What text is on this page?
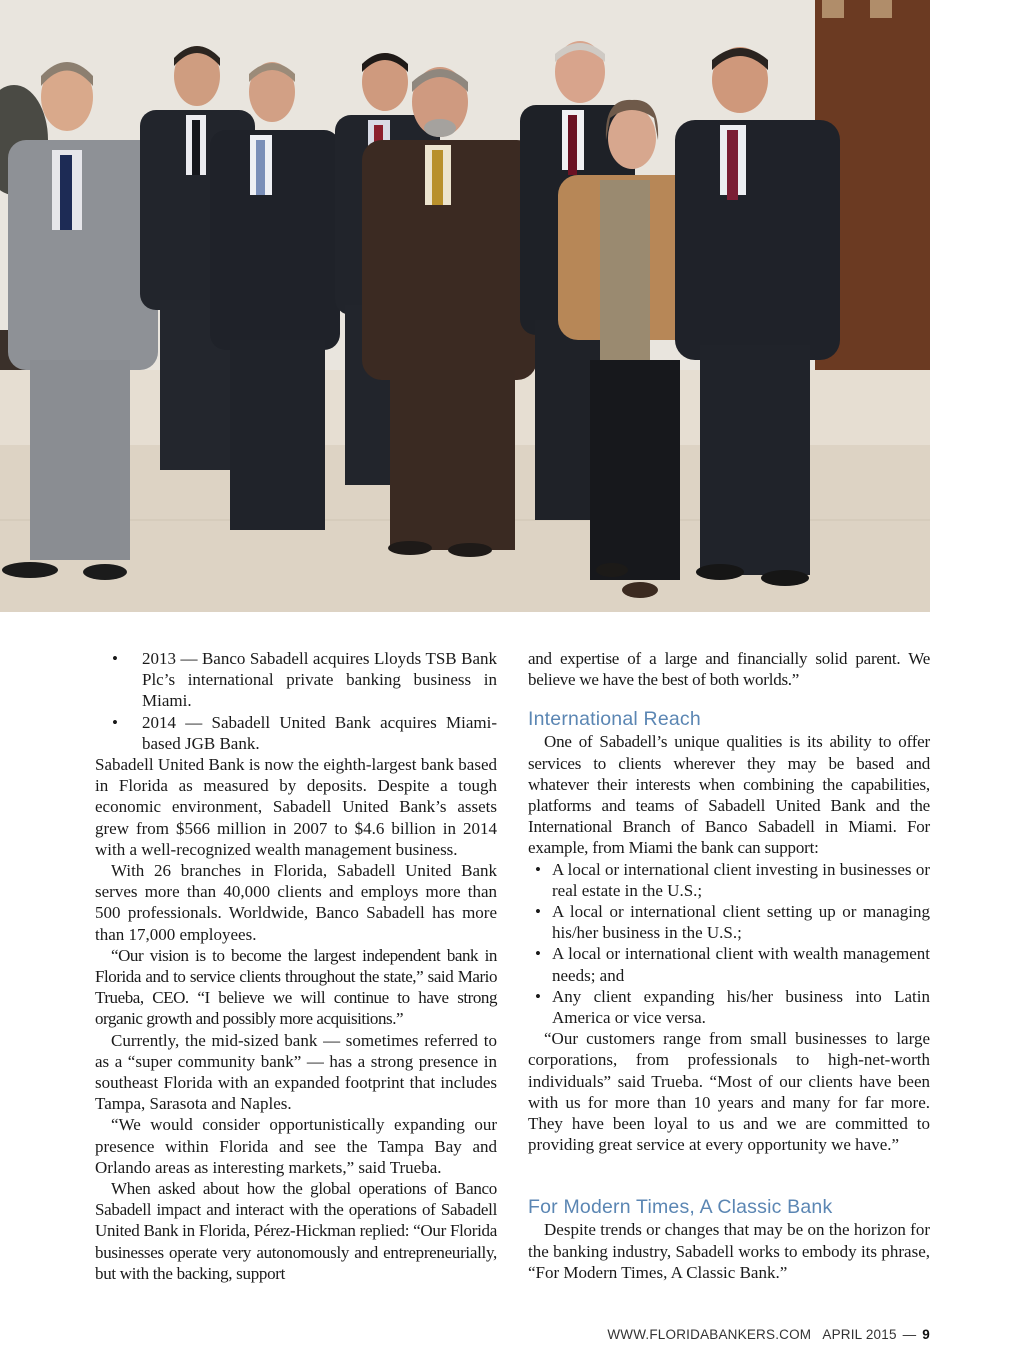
• 2013 — Banco Sabadell acquires Lloyds TSB Bank Plc’s international private banking business in Miami.
• 2014 — Sabadell United Bank acquires Miami-based JGB Bank.

Sabadell United Bank is now the eighth-largest bank based in Florida as measured by deposits. Despite a tough economic environment, Sabadell United Bank’s assets grew from $566 million in 2007 to $4.6 billion in 2014 with a well-recognized wealth management business.

With 26 branches in Florida, Sabadell United Bank serves more than 40,000 clients and employs more than 500 professionals. Worldwide, Banco Sabadell has more than 17,000 employees.

“Our vision is to become the largest independent bank in Florida and to service clients throughout the state,” said Mario Trueba, CEO. “I believe we will continue to have strong organic growth and possibly more acquisitions.”

Currently, the mid-sized bank — sometimes referred to as a “super community bank” — has a strong presence in southeast Florida with an expanded footprint that includes Tampa, Sarasota and Naples.

“We would consider opportunistically expanding our presence within Florida and see the Tampa Bay and Orlando areas as interesting markets,” said Trueba.

When asked about how the global operations of Banco Sabadell impact and interact with the operations of Sabadell United Bank in Florida, Pérez-Hickman replied: “Our Florida businesses operate very autonomously and entrepreneurially, but with the backing, support

and expertise of a large and financially solid parent. We believe we have the best of both worlds.”

International Reach

One of Sabadell’s unique qualities is its ability to offer services to clients wherever they may be based and whatever their interests when combining the capabilities, platforms and teams of Sabadell United Bank and the International Branch of Banco Sabadell in Miami. For example, from Miami the bank can support:

• A local or international client investing in businesses or real estate in the U.S.;
• A local or international client setting up or managing his/her business in the U.S.;
• A local or international client with wealth management needs; and
• Any client expanding his/her business into Latin America or vice versa.

“Our customers range from small businesses to large corporations, from professionals to high-net-worth individuals” said Trueba. “Most of our clients have been with us for more than 10 years and many for far more. They have been loyal to us and we are committed to providing great service at every opportunity we have.”

For Modern Times, A Classic Bank

Despite trends or changes that may be on the horizon for the banking industry, Sabadell works to embody its phrase, “For Modern Times, A Classic Bank.”

WWW.FLORIDABANKERS.COM APRIL 2015 — 9
